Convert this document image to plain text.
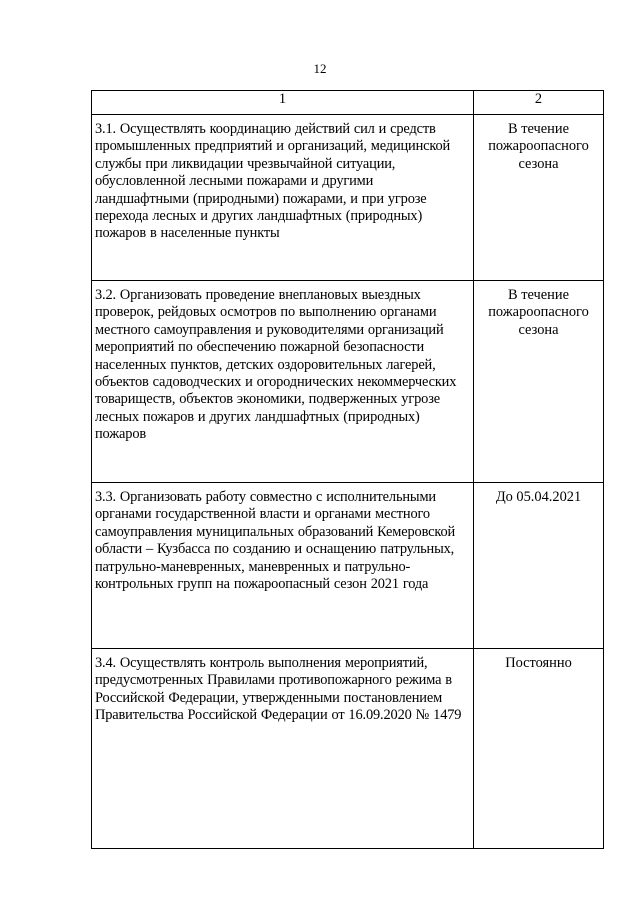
12
1	2
3.1. Осуществлять координацию действий сил и средств промышленных предприятий и организаций, медицинской службы при ликвидации чрезвычайной ситуации, обусловленной лесными пожарами и другими ландшафтными (природными) пожарами, и при угрозе перехода лесных и других ландшафтных (природных) пожаров в населенные пункты	В течение пожароопасного сезона
3.2. Организовать проведение внеплановых выездных проверок, рейдовых осмотров по выполнению органами местного самоуправления и руководителями организаций мероприятий по обеспечению пожарной безопасности населенных пунктов, детских оздоровительных лагерей, объектов садоводческих и огороднических некоммерческих товариществ, объектов экономики, подверженных угрозе лесных пожаров и других ландшафтных (природных) пожаров	В течение пожароопасного сезона
3.3. Организовать работу совместно с исполнительными органами государственной власти и органами местного самоуправления муниципальных образований Кемеровской области – Кузбасса по созданию и оснащению патрульных, патрульно-маневренных, маневренных и патрульно-контрольных групп на пожароопасный сезон 2021 года	До 05.04.2021
3.4. Осуществлять контроль выполнения мероприятий, предусмотренных Правилами противопожарного режима в Российской Федерации, утвержденными постановлением Правительства Российской Федерации от 16.09.2020 № 1479	Постоянно
